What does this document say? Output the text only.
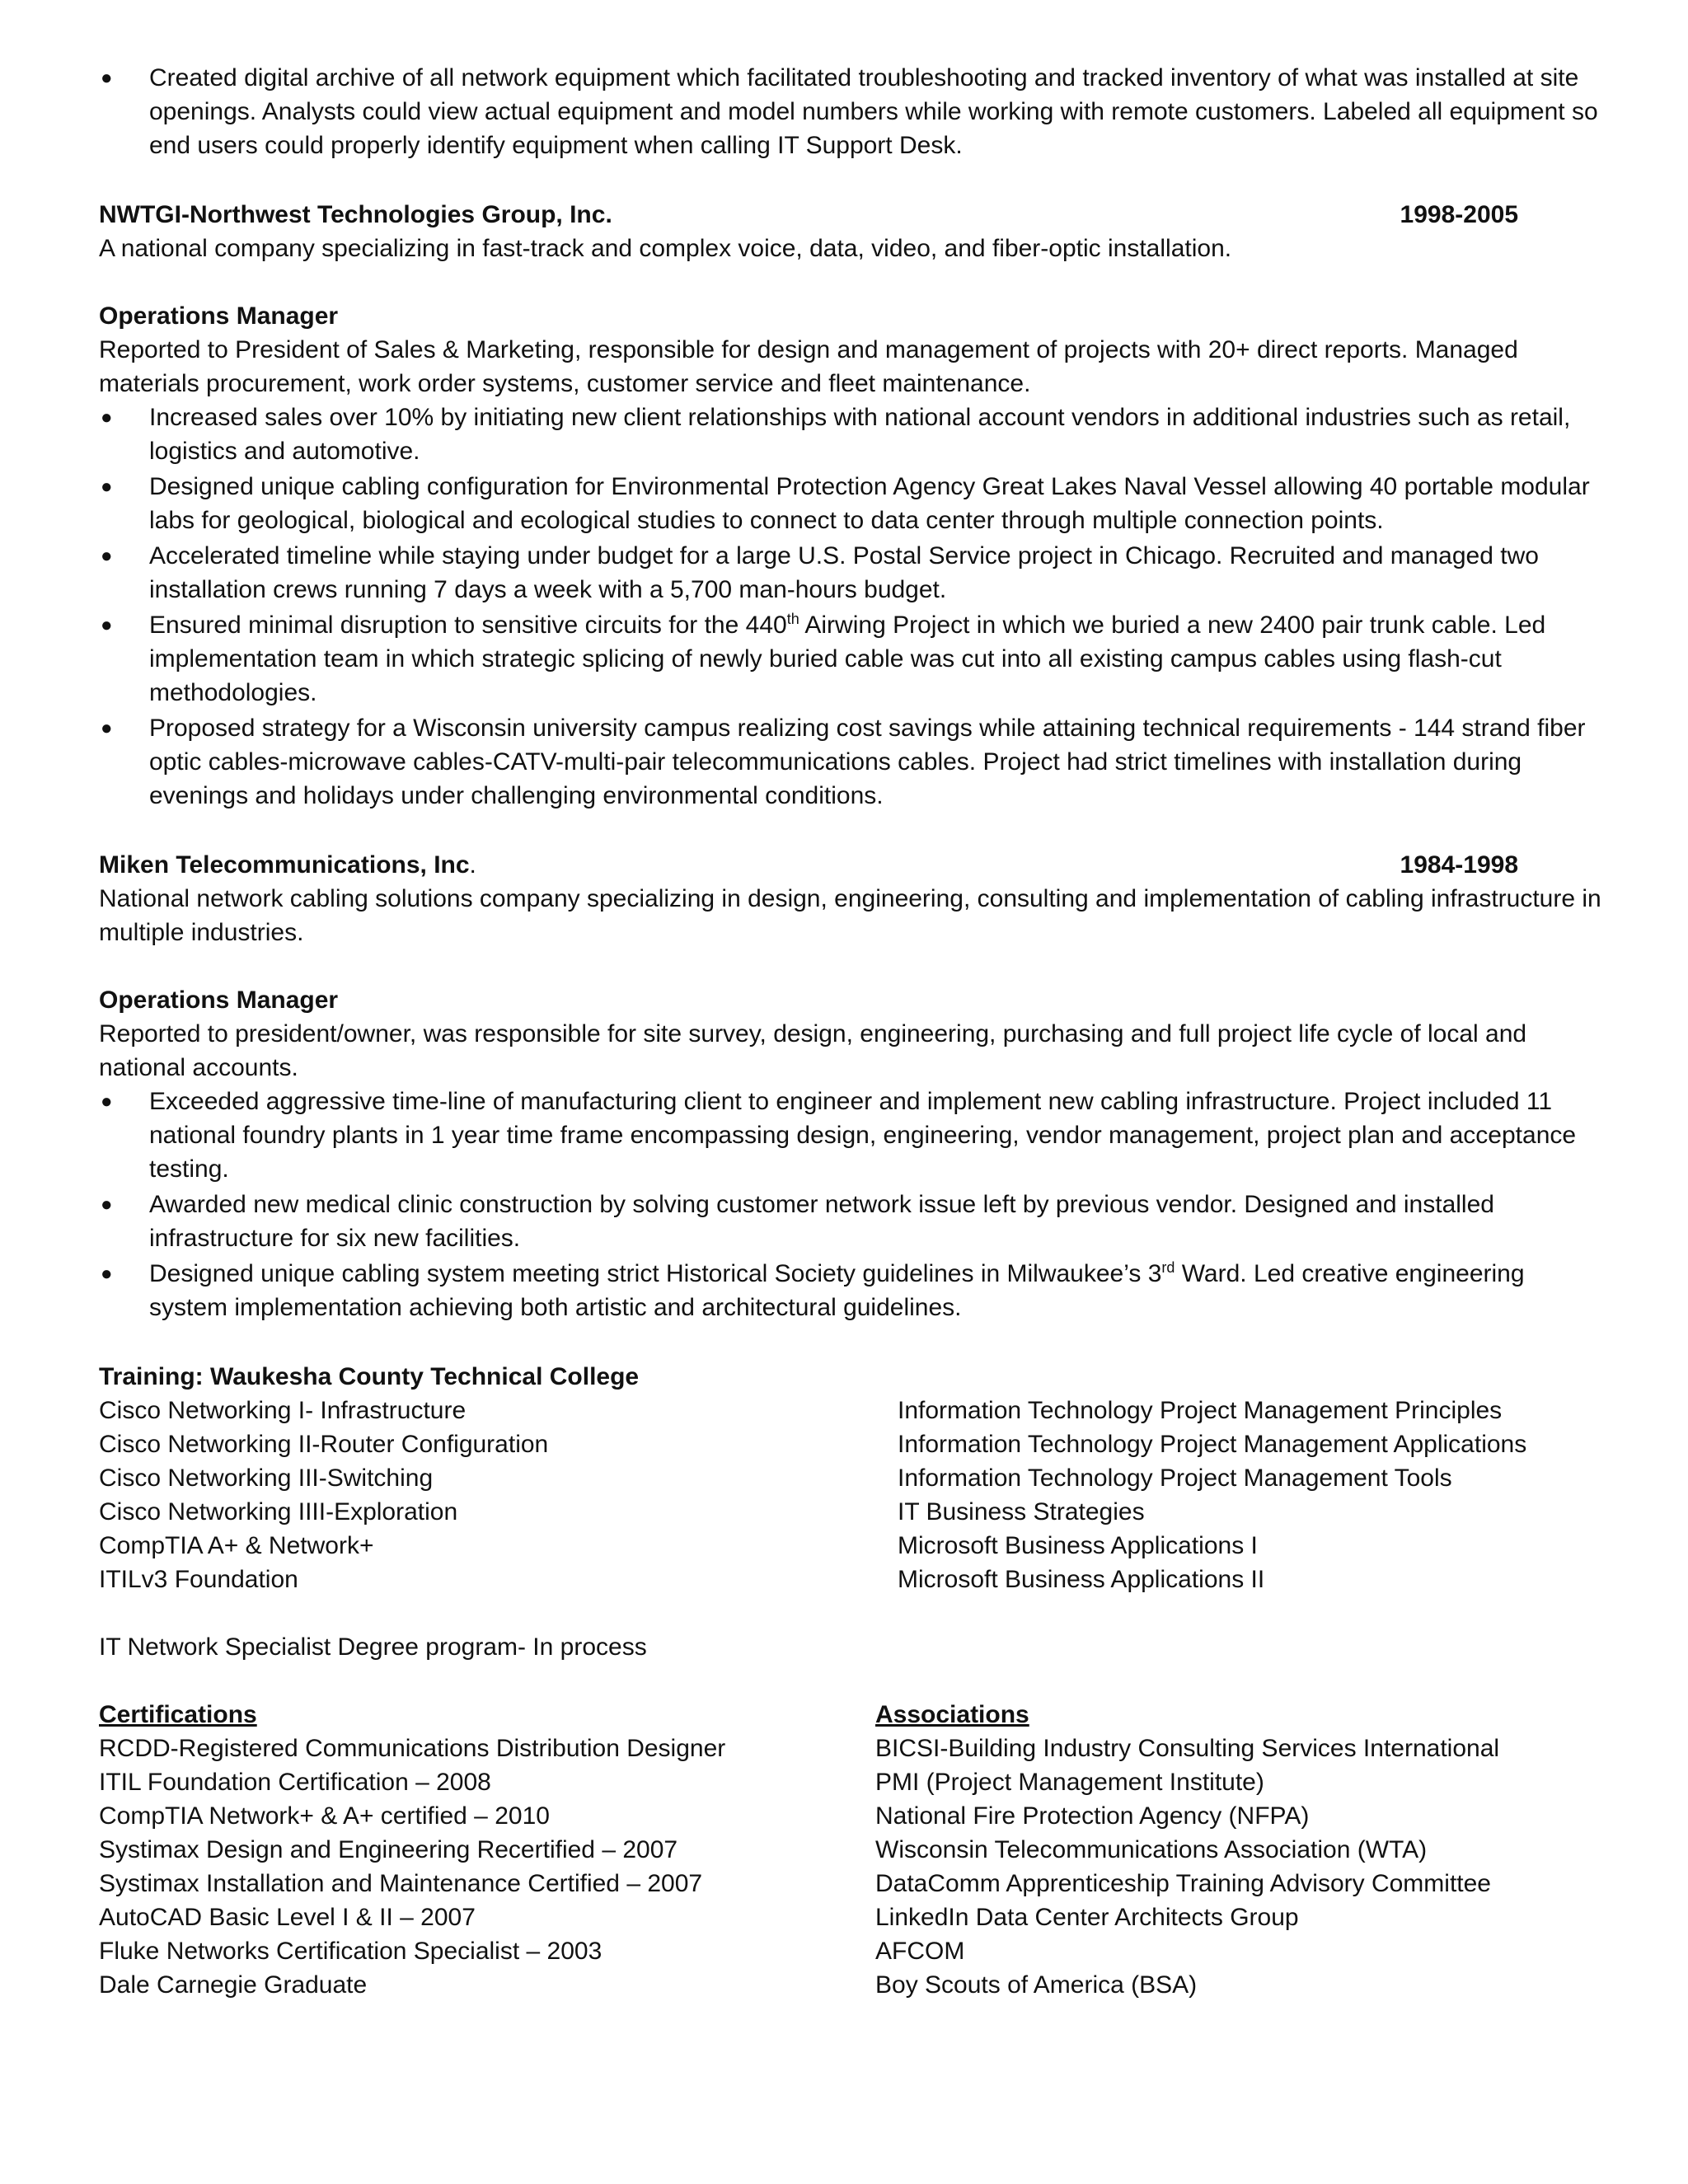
● Created digital archive of all network equipment which facilitated troubleshooting and tracked inventory of what was installed at site openings. Analysts could view actual equipment and model numbers while working with remote customers. Labeled all equipment so end users could properly identify equipment when calling IT Support Desk.
NWTGI-Northwest Technologies Group, Inc.	1998-2005

A national company specializing in fast-track and complex voice, data, video, and fiber-optic installation.

Operations Manager

Reported to President of Sales & Marketing, responsible for design and management of projects with 20+ direct reports. Managed materials procurement, work order systems, customer service and fleet maintenance.

● Increased sales over 10% by initiating new client relationships with national account vendors in additional industries such as retail, logistics and automotive.
● Designed unique cabling configuration for Environmental Protection Agency Great Lakes Naval Vessel allowing 40 portable modular labs for geological, biological and ecological studies to connect to data center through multiple connection points.
● Accelerated timeline while staying under budget for a large U.S. Postal Service project in Chicago. Recruited and managed two installation crews running 7 days a week with a 5,700 man-hours budget.
● Ensured minimal disruption to sensitive circuits for the 440th Airwing Project in which we buried a new 2400 pair trunk cable. Led implementation team in which strategic splicing of newly buried cable was cut into all existing campus cables using flash-cut methodologies.
● Proposed strategy for a Wisconsin university campus realizing cost savings while attaining technical requirements - 144 strand fiber optic cables-microwave cables-CATV-multi-pair telecommunications cables. Project had strict timelines with installation during evenings and holidays under challenging environmental conditions.
Miken Telecommunications, Inc.	1984-1998

National network cabling solutions company specializing in design, engineering, consulting and implementation of cabling infrastructure in multiple industries.

Operations Manager

Reported to president/owner, was responsible for site survey, design, engineering, purchasing and full project life cycle of local and national accounts.

● Exceeded aggressive time-line of manufacturing client to engineer and implement new cabling infrastructure. Project included 11 national foundry plants in 1 year time frame encompassing design, engineering, vendor management, project plan and acceptance testing.
● Awarded new medical clinic construction by solving customer network issue left by previous vendor. Designed and installed infrastructure for six new facilities.
● Designed unique cabling system meeting strict Historical Society guidelines in Milwaukee’s 3rd Ward. Led creative engineering system implementation achieving both artistic and architectural guidelines.

Training: Waukesha County Technical College

Cisco Networking I- Infrastructure

Cisco Networking II-Router Configuration

Cisco Networking III-Switching

Cisco Networking IIII-Exploration

CompTIA A+ & Network+

ITILv3 Foundation

Information Technology Project Management Principles

Information Technology Project Management Applications

Information Technology Project Management Tools

IT Business Strategies

Microsoft Business Applications I

Microsoft Business Applications II

IT Network Specialist Degree program- In process

Certifications

RCDD-Registered Communications Distribution Designer

ITIL Foundation Certification – 2008

CompTIA Network+ & A+ certified – 2010

Systimax Design and Engineering Recertified – 2007

Systimax Installation and Maintenance Certified – 2007

AutoCAD Basic Level I & II – 2007

Fluke Networks Certification Specialist – 2003

Dale Carnegie Graduate

Associations

BICSI-Building Industry Consulting Services International

PMI (Project Management Institute)

National Fire Protection Agency (NFPA)

Wisconsin Telecommunications Association (WTA)

DataComm Apprenticeship Training Advisory Committee

LinkedIn Data Center Architects Group

AFCOM

Boy Scouts of America (BSA)
